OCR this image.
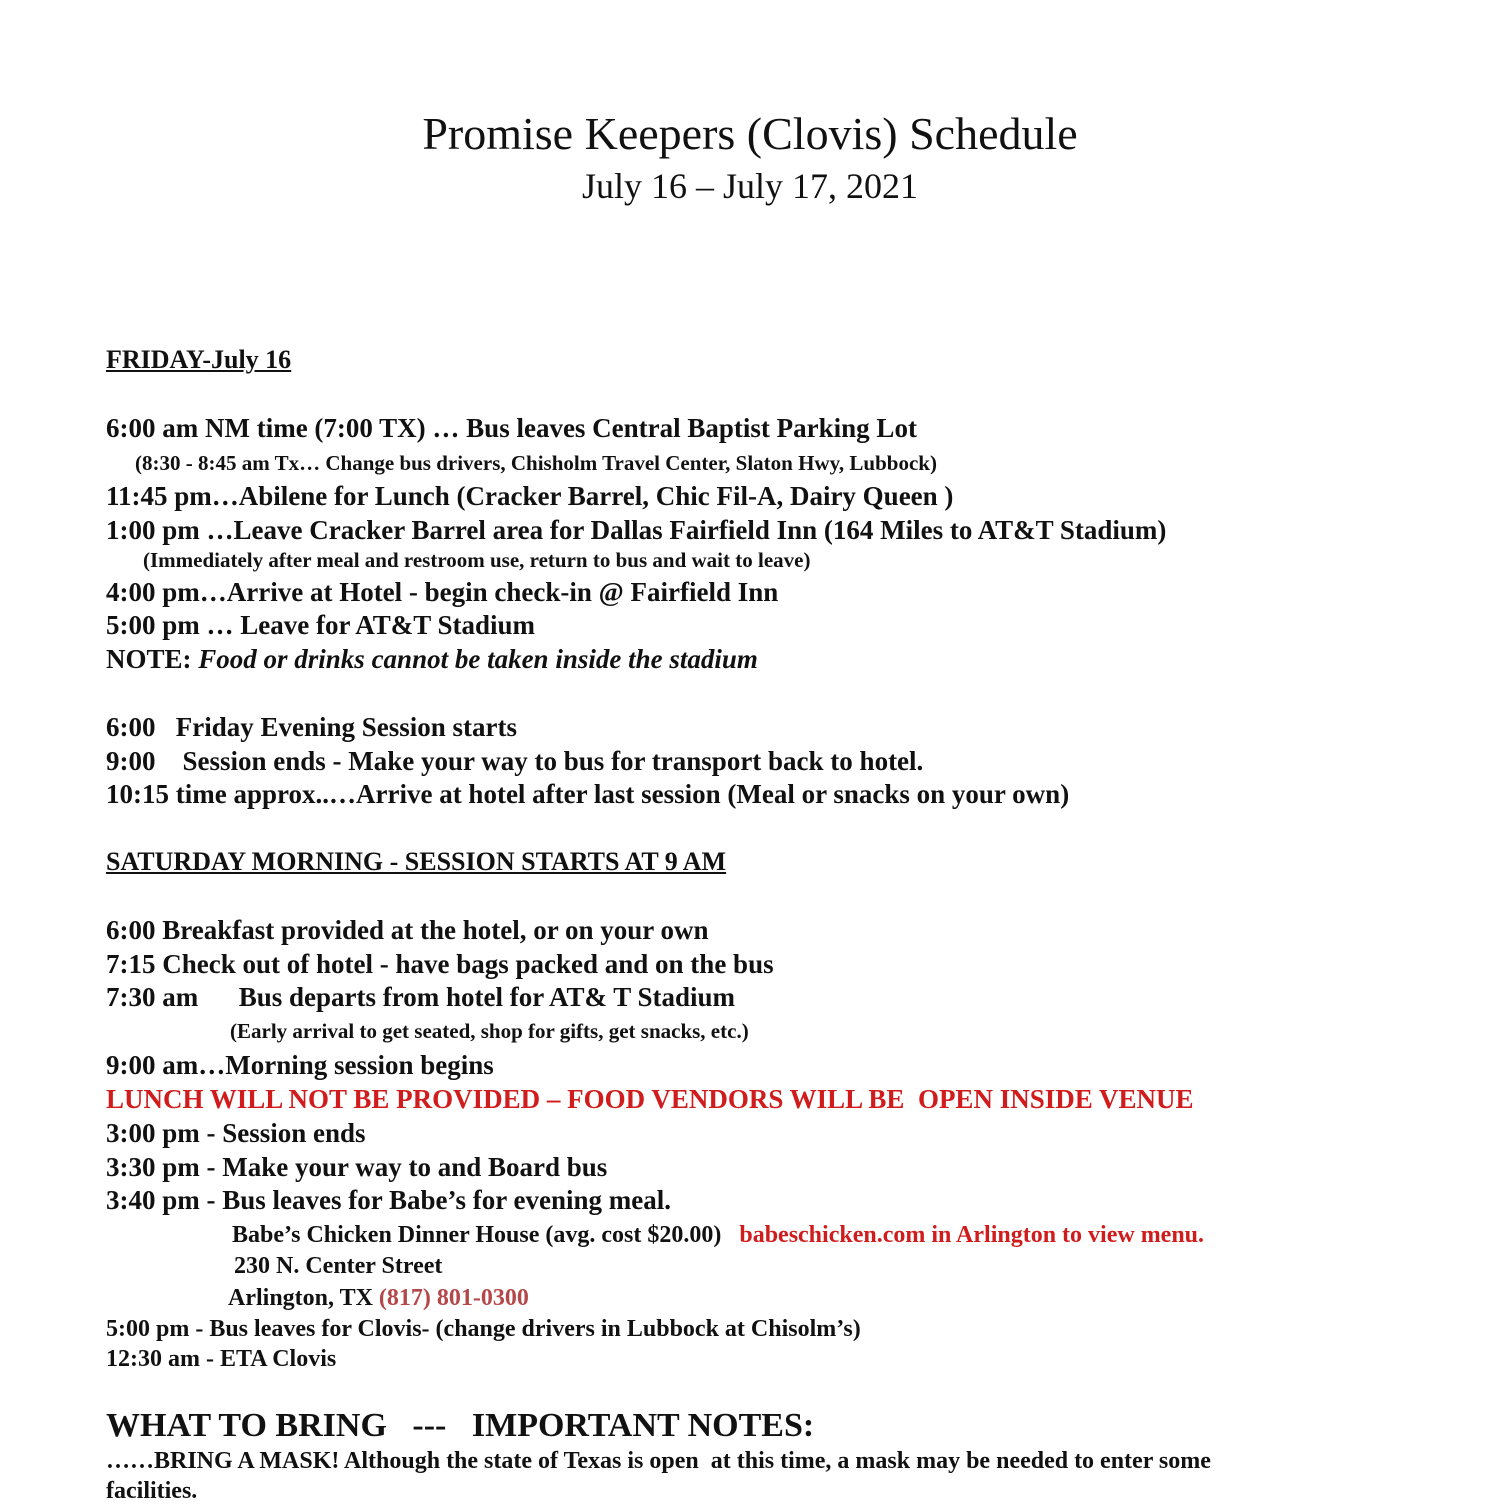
Promise Keepers (Clovis) Schedule
July 16 – July 17, 2021
FRIDAY-July 16
6:00 am NM time (7:00 TX) … Bus leaves Central Baptist Parking Lot
(8:30 - 8:45 am Tx… Change bus drivers, Chisholm Travel Center, Slaton Hwy, Lubbock)
11:45 pm…Abilene for Lunch (Cracker Barrel, Chic Fil-A, Dairy Queen )
1:00 pm …Leave Cracker Barrel area for Dallas Fairfield Inn (164 Miles to AT&T Stadium)
(Immediately after meal and restroom use, return to bus and wait to leave)
4:00 pm…Arrive at Hotel - begin check-in @ Fairfield Inn
5:00 pm … Leave for AT&T Stadium
NOTE: Food or drinks cannot be taken inside the stadium
6:00   Friday Evening Session starts
9:00    Session ends - Make your way to bus for transport back to hotel.
10:15 time approx..…Arrive at hotel after last session (Meal or snacks on your own)
SATURDAY MORNING - SESSION STARTS AT 9 AM
6:00 Breakfast provided at the hotel, or on your own
7:15 Check out of hotel - have bags packed and on the bus
7:30 am      Bus departs from hotel for AT& T Stadium
(Early arrival to get seated, shop for gifts, get snacks, etc.)
9:00 am…Morning session begins
LUNCH WILL NOT BE PROVIDED – FOOD VENDORS WILL BE  OPEN INSIDE VENUE
3:00 pm - Session ends
3:30 pm - Make your way to and Board bus
3:40 pm - Bus leaves for Babe’s for evening meal.
Babe’s Chicken Dinner House (avg. cost $20.00)   babeschicken.com in Arlington to view menu.
230 N. Center Street
Arlington, TX (817) 801-0300
5:00 pm - Bus leaves for Clovis- (change drivers in Lubbock at Chisolm’s)
12:30 am - ETA Clovis
WHAT TO BRING   ---   IMPORTANT NOTES:
……BRING A MASK! Although the state of Texas is open  at this time, a mask may be needed to enter some
facilities.
